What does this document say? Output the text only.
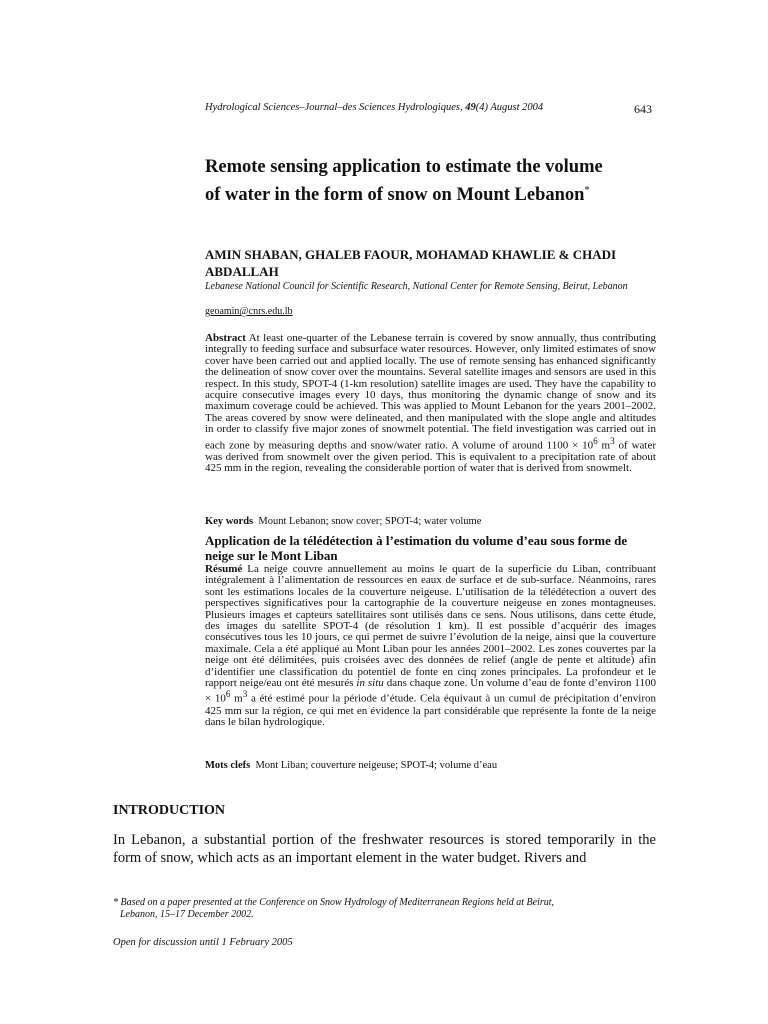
Hydrological Sciences–Journal–des Sciences Hydrologiques, 49(4) August 2004	643
Remote sensing application to estimate the volume
of water in the form of snow on Mount Lebanon*

AMIN SHABAN, GHALEB FAOUR, MOHAMAD KHAWLIE & CHADI ABDALLAH

Lebanese National Council for Scientific Research, National Center for Remote Sensing, Beirut, Lebanon

geoamin@cnrs.edu.lb

Abstract At least one-quarter of the Lebanese terrain is covered by snow annually, thus contributing integrally to feeding surface and subsurface water resources. However, only limited estimates of snow cover have been carried out and applied locally. The use of remote sensing has enhanced significantly the delineation of snow cover over the mountains. Several satellite images and sensors are used in this respect. In this study, SPOT-4 (1-km resolution) satellite images are used. They have the capability to acquire consecutive images every 10 days, thus monitoring the dynamic change of snow and its maximum coverage could be achieved. This was applied to Mount Lebanon for the years 2001–2002. The areas covered by snow were delineated, and then manipulated with the slope angle and altitudes in order to classify five major zones of snowmelt potential. The field investigation was carried out in each zone by measuring depths and snow/water ratio. A volume of around $1100 \times 10^6$ $m^3$ of water was derived from snowmelt over the given period. This is equivalent to a precipitation rate of about 425 mm in the region, revealing the considerable portion of water that is derived from snowmelt.

Key words Mount Lebanon; snow cover; SPOT-4; water volume

Application de la télédétection à l’estimation du volume d’eau sous forme de neige sur le Mont Liban

Résumé La neige couvre annuellement au moins le quart de la superficie du Liban, contribuant intégralement à l’alimentation de ressources en eaux de surface et de sub-surface. Néanmoins, rares sont les estimations locales de la couverture neigeuse. L’utilisation de la télédétection a ouvert des perspectives significatives pour la cartographie de la couverture neigeuse en zones montagneuses. Plusieurs images et capteurs satellitaires sont utilisés dans ce sens. Nous utilisons, dans cette étude, des images du satellite SPOT-4 (de résolution 1 km). Il est possible d’acquérir des images consécutives tous les 10 jours, ce qui permet de suivre l’évolution de la neige, ainsi que la couverture maximale. Cela a été appliqué au Mont Liban pour les années 2001–2002. Les zones couvertes par la neige ont été délimitées, puis croisées avec des données de relief (angle de pente et altitude) afin d’identifier une classification du potentiel de fonte en cinq zones principales. La profondeur et le rapport neige/eau ont été mesurés in situ dans chaque zone. Un volume d’eau de fonte d’environ $1100 \times 10^6$ $m^3$ a été estimé pour la période d’étude. Cela équivaut à un cumul de précipitation d’environ 425 mm sur la région, ce qui met en évidence la part considérable que représente la fonte de la neige dans le bilan hydrologique.

Mots clefs Mont Liban; couverture neigeuse; SPOT-4; volume d’eau

INTRODUCTION

In Lebanon, a substantial portion of the freshwater resources is stored temporarily in the form of snow, which acts as an important element in the water budget. Rivers and

* Based on a paper presented at the Conference on Snow Hydrology of Mediterranean Regions held at Beirut,
Lebanon, 15–17 December 2002.

Open for discussion until 1 February 2005
